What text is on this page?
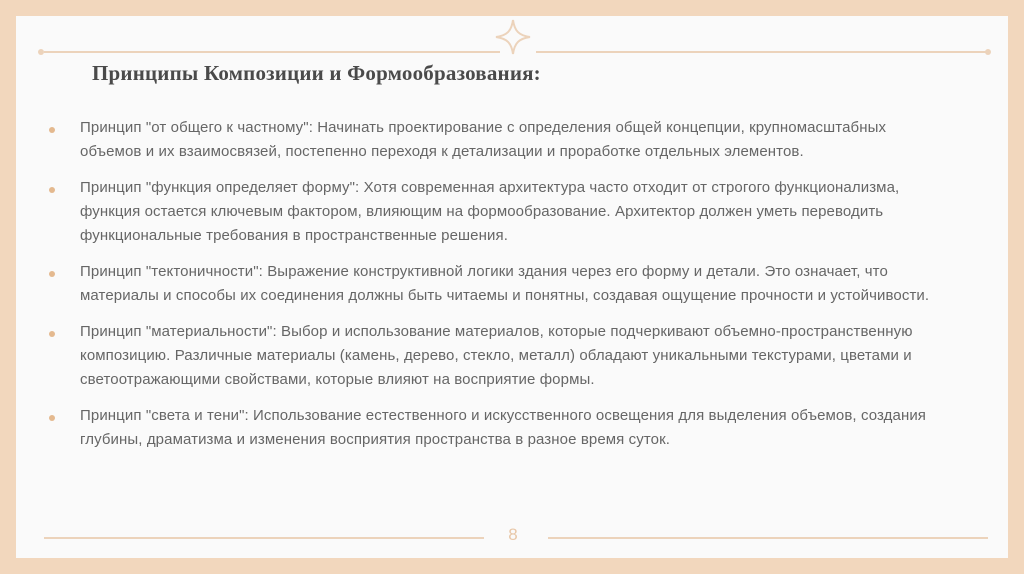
Принципы Композиции и Формообразования:
Принцип "от общего к частному": Начинать проектирование с определения общей концепции, крупномасштабных объемов и их взаимосвязей, постепенно переходя к детализации и проработке отдельных элементов.
Принцип "функция определяет форму": Хотя современная архитектура часто отходит от строгого функционализма, функция остается ключевым фактором, влияющим на формообразование. Архитектор должен уметь переводить функциональные требования в пространственные решения.
Принцип "тектоничности": Выражение конструктивной логики здания через его форму и детали. Это означает, что материалы и способы их соединения должны быть читаемы и понятны, создавая ощущение прочности и устойчивости.
Принцип "материальности": Выбор и использование материалов, которые подчеркивают объемно-пространственную композицию. Различные материалы (камень, дерево, стекло, металл) обладают уникальными текстурами, цветами и светоотражающими свойствами, которые влияют на восприятие формы.
Принцип "света и тени": Использование естественного и искусственного освещения для выделения объемов, создания глубины, драматизма и изменения восприятия пространства в разное время суток.
8
